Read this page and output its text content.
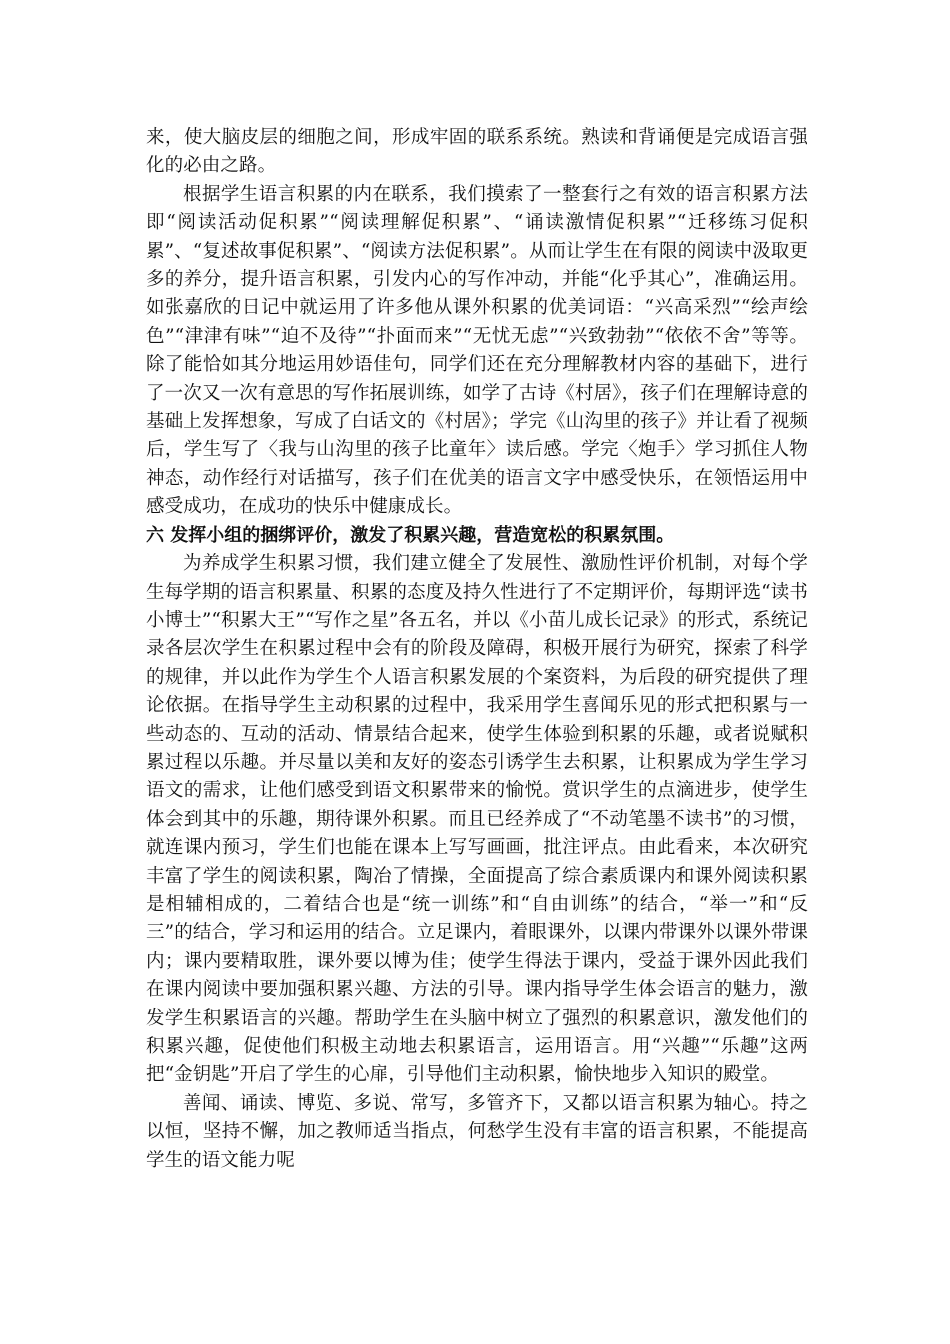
来，使大脑皮层的细胞之间，形成牢固的联系系统。熟读和背诵便是完成语言强化的必由之路。

根据学生语言积累的内在联系，我们摸索了一整套行之有效的语言积累方法即“阅读活动促积累”“阅读理解促积累”、“诵读激情促积累”“迁移练习促积累”、“复述故事促积累”、“阅读方法促积累”。从而让学生在有限的阅读中汲取更多的养分，提升语言积累，引发内心的写作冲动，并能“化乎其心”，准确运用。如张嘉欣的日记中就运用了许多他从课外积累的优美词语：“兴高采烈”“绘声绘色”“津津有味”“迫不及待”“扑面而来”“无忧无虑”“兴致勃勃”“依依不舍”等等。除了能恰如其分地运用妙语佳句，同学们还在充分理解教材内容的基础下，进行了一次又一次有意思的写作拓展训练，如学了古诗《村居》，孩子们在理解诗意的基础上发挥想象，写成了白话文的《村居》；学完《山沟里的孩子》并让看了视频后，学生写了〈我与山沟里的孩子比童年〉读后感。学完〈炮手〉学习抓住人物神态，动作经行对话描写，孩子们在优美的语言文字中感受快乐，在领悟运用中感受成功，在成功的快乐中健康成长。

六 发挥小组的捆绑评价，激发了积累兴趣，营造宽松的积累氛围。

为养成学生积累习惯，我们建立健全了发展性、激励性评价机制，对每个学生每学期的语言积累量、积累的态度及持久性进行了不定期评价，每期评选“读书小博士”“积累大王”“写作之星”各五名，并以《小苗儿成长记录》的形式，系统记录各层次学生在积累过程中会有的阶段及障碍，积极开展行为研究，探索了科学的规律，并以此作为学生个人语言积累发展的个案资料，为后段的研究提供了理论依据。在指导学生主动积累的过程中，我采用学生喜闻乐见的形式把积累与一些动态的、互动的活动、情景结合起来，使学生体验到积累的乐趣，或者说赋积累过程以乐趣。并尽量以美和友好的姿态引诱学生去积累，让积累成为学生学习语文的需求，让他们感受到语文积累带来的愉悦。赏识学生的点滴进步，使学生体会到其中的乐趣，期待课外积累。而且已经养成了“不动笔墨不读书”的习惯，就连课内预习，学生们也能在课本上写写画画，批注评点。由此看来，本次研究丰富了学生的阅读积累，陶冶了情操，全面提高了综合素质课内和课外阅读积累是相辅相成的，二着结合也是“统一训练”和“自由训练”的结合，“举一”和“反三”的结合，学习和运用的结合。立足课内，着眼课外，以课内带课外以课外带课内；课内要精取胜，课外要以博为佳；使学生得法于课内，受益于课外因此我们在课内阅读中要加强积累兴趣、方法的引导。课内指导学生体会语言的魅力，激发学生积累语言的兴趣。帮助学生在头脑中树立了强烈的积累意识，激发他们的积累兴趣，促使他们积极主动地去积累语言，运用语言。用“兴趣”“乐趣”这两把“金钥匙”开启了学生的心扉，引导他们主动积累，愉快地步入知识的殿堂。

善闻、诵读、博览、多说、常写，多管齐下，又都以语言积累为轴心。持之以恒，坚持不懈，加之教师适当指点，何愁学生没有丰富的语言积累，不能提高学生的语文能力呢
